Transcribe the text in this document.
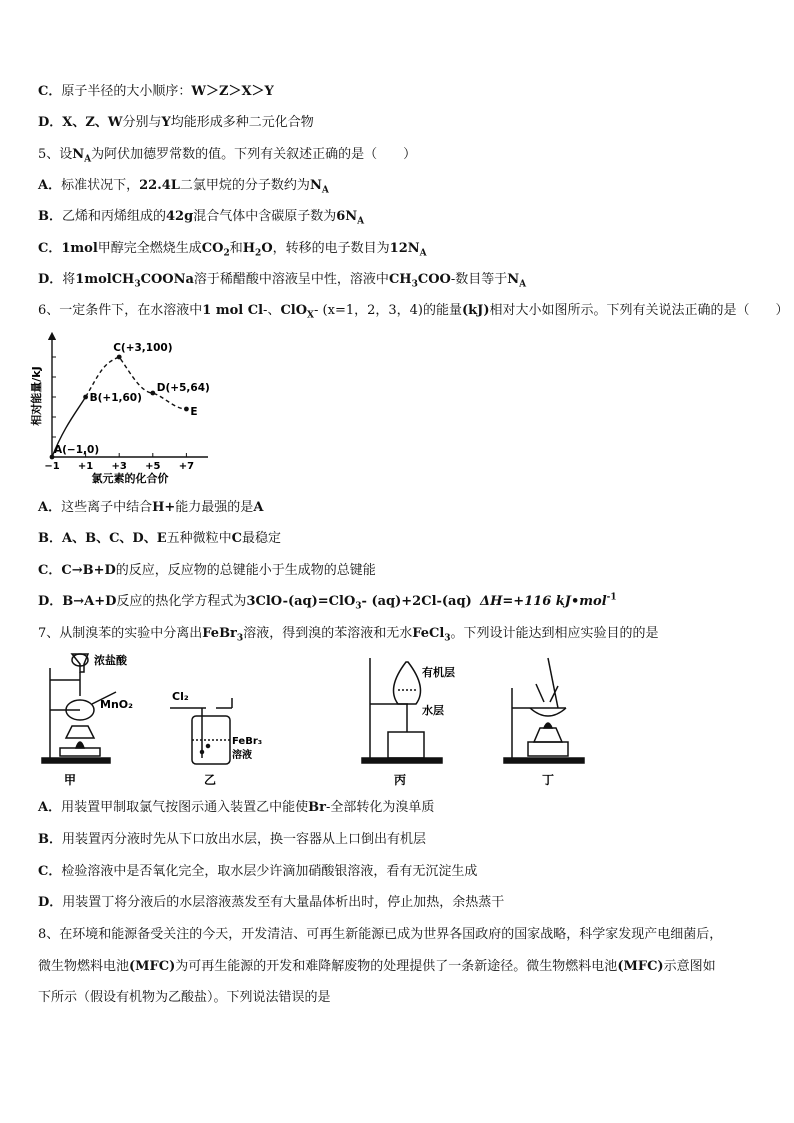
C．原子半径的大小顺序：W＞Z＞X＞Y
D．X、Z、W分别与Y均能形成多种二元化合物
5、设$N_A$为阿伏加德罗常数的值。下列有关叙述正确的是（　　）
A．标准状况下，22.4L二氯甲烷的分子数约为$N_A$
B．乙烯和丙烯组成的42g混合气体中含碳原子数为$6N_A$
C．1mol甲醇完全燃烧生成$CO_2$和$H_2O$，转移的电子数目为$12N_A$
D．将1molCH$_3$COONa溶于稀醋酸中溶液呈中性，溶液中$CH_3COO-$数目等于$N_A$
6、一定条件下，在水溶液中1 mol Cl-、ClO$_X$- (x=1，2，3，4)的能量(kJ)相对大小如图所示。下列有关说法正确的是（　　）
相对能量/kJ
氯元素的化合价
−1 +1 +3 +5 +7
A(−1,0)
B(+1,60)
C(+3,100)
D(+5,64)
E
A．这些离子中结合H+能力最强的是A
B．A、B、C、D、E五种微粒中C最稳定
C．C→B+D的反应，反应物的总键能小于生成物的总键能
D．B→A+D反应的热化学方程式为3ClO-(aq)=ClO$_3$- (aq)+2Cl-(aq) ΔH=+116 kJ•mol$^{-1}$
7、从制溴苯的实验中分离出FeBr$_3$溶液，得到溴的苯溶液和无水FeCl$_3$。下列设计能达到相应实验目的的是
浓盐酸
MnO₂
甲
Cl₂
FeBr₃
溶液
乙
有机层
水层
丙	丁
A．用装置甲制取氯气按图示通入装置乙中能使Br-全部转化为溴单质
B．用装置丙分液时先从下口放出水层，换一容器从上口倒出有机层
C．检验溶液中是否氧化完全，取水层少许滴加硝酸银溶液，看有无沉淀生成
D．用装置丁将分液后的水层溶液蒸发至有大量晶体析出时，停止加热，余热蒸干
8、在环境和能源备受关注的今天，开发清洁、可再生新能源已成为世界各国政府的国家战略，科学家发现产电细菌后，
微生物燃料电池(MFC)为可再生能源的开发和难降解废物的处理提供了一条新途径。微生物燃料电池(MFC)示意图如
下所示（假设有机物为乙酸盐）。下列说法错误的是
